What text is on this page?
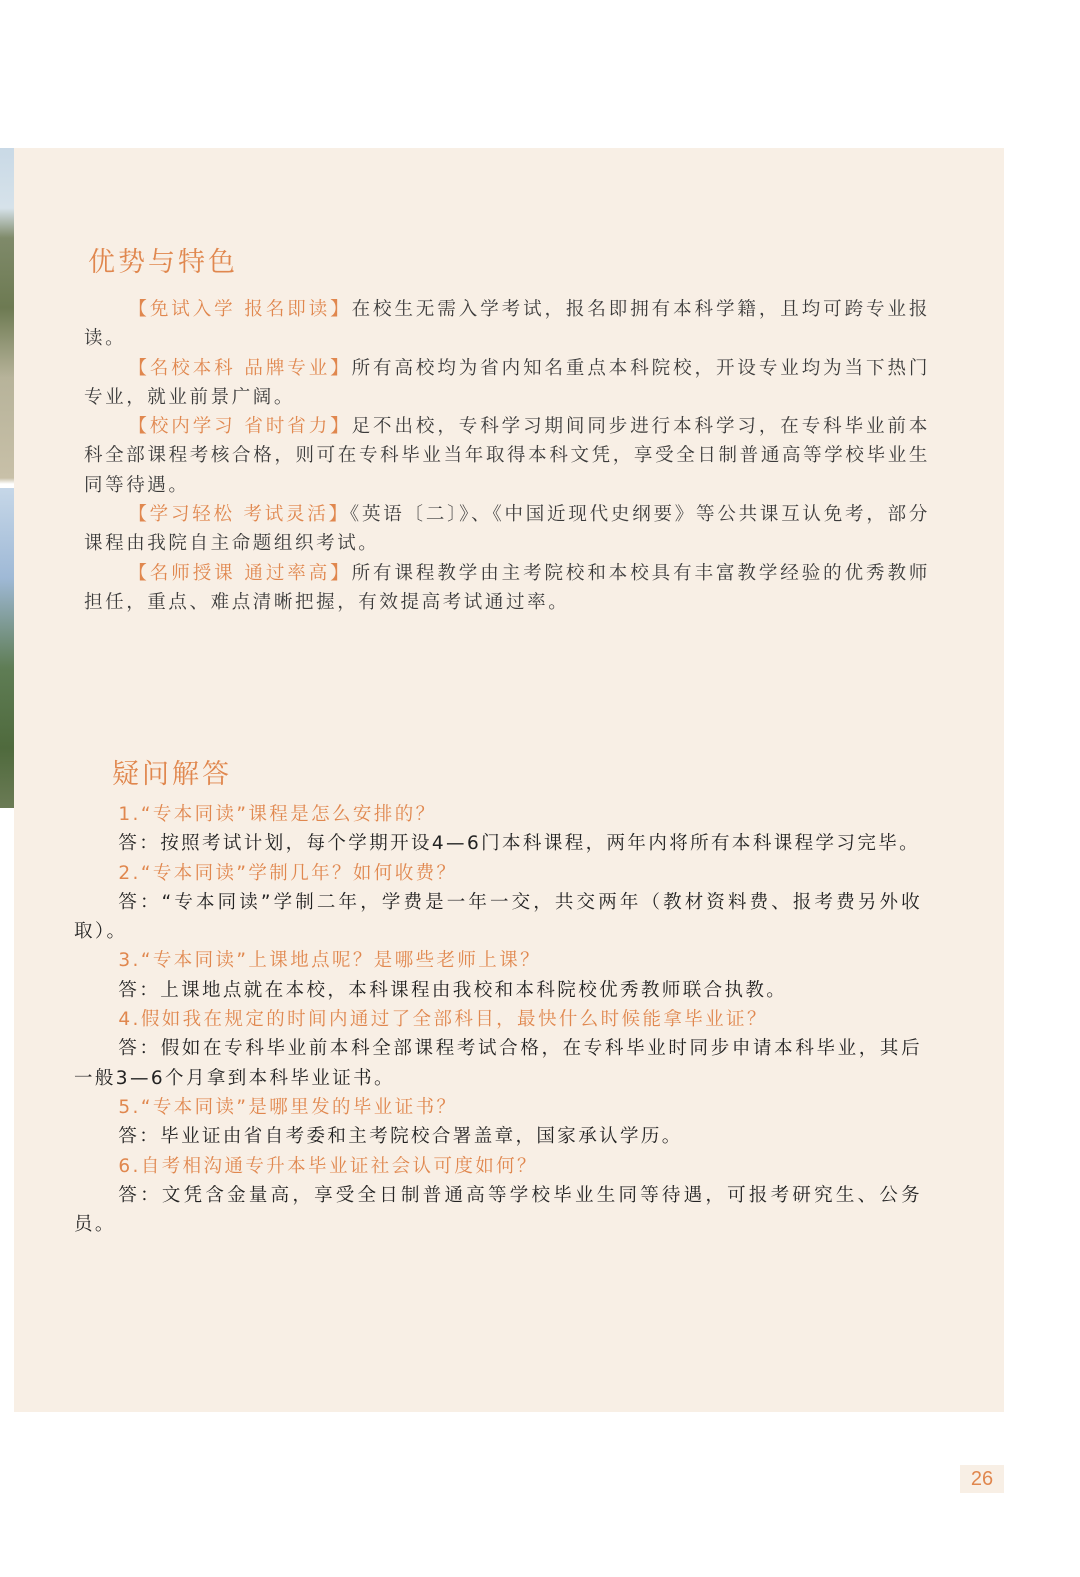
优势与特色

【免试入学 报名即读】在校生无需入学考试，报名即拥有本科学籍，且均可跨专业报读。

【名校本科 品牌专业】所有高校均为省内知名重点本科院校，开设专业均为当下热门专业，就业前景广阔。

【校内学习 省时省力】足不出校，专科学习期间同步进行本科学习，在专科毕业前本科全部课程考核合格，则可在专科毕业当年取得本科文凭，享受全日制普通高等学校毕业生同等待遇。

【学习轻松 考试灵活】《英语〔二〕》、《中国近现代史纲要》等公共课互认免考，部分课程由我院自主命题组织考试。

【名师授课 通过率高】所有课程教学由主考院校和本校具有丰富教学经验的优秀教师担任，重点、难点清晰把握，有效提高考试通过率。

疑问解答

1.“专本同读”课程是怎么安排的？

答：按照考试计划，每个学期开设4—6门本科课程，两年内将所有本科课程学习完毕。

2.“专本同读”学制几年？如何收费？

答：“专本同读”学制二年，学费是一年一交，共交两年（教材资料费、报考费另外收取）。

3.“专本同读”上课地点呢？是哪些老师上课？

答：上课地点就在本校，本科课程由我校和本科院校优秀教师联合执教。

4.假如我在规定的时间内通过了全部科目，最快什么时候能拿毕业证？

答：假如在专科毕业前本科全部课程考试合格，在专科毕业时同步申请本科毕业，其后一般3—6个月拿到本科毕业证书。

5.“专本同读”是哪里发的毕业证书？

答：毕业证由省自考委和主考院校合署盖章，国家承认学历。

6.自考相沟通专升本毕业证社会认可度如何？

答：文凭含金量高，享受全日制普通高等学校毕业生同等待遇，可报考研究生、公务员。

26
